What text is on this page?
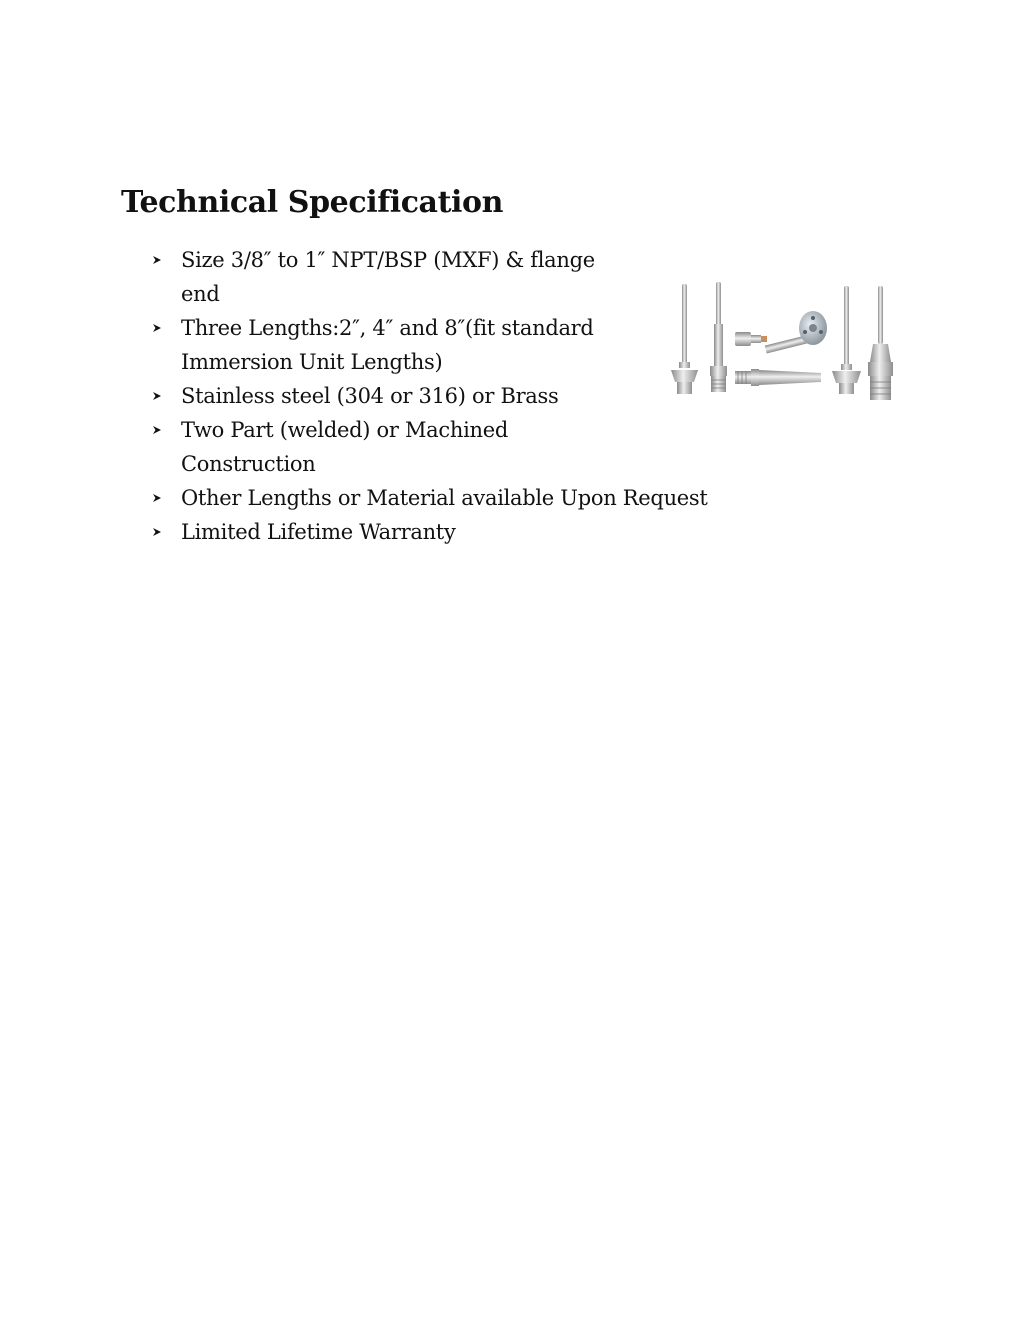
Technical Specification
Size 3/8″ to 1″ NPT/BSP (MXF) & flange
end
Three Lengths:2″, 4″ and 8″(fit standard
Immersion Unit Lengths)
Stainless steel (304 or 316) or Brass
Two Part (welded) or Machined
Construction
Other Lengths or Material available Upon Request
Limited Lifetime Warranty
